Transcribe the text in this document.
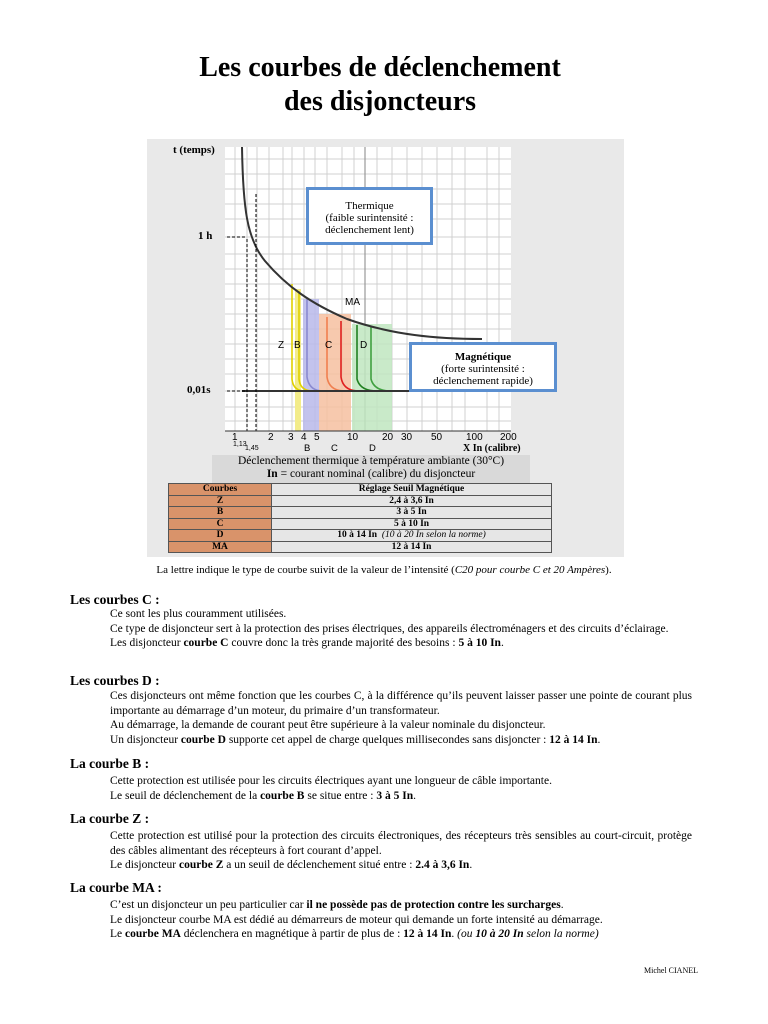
Les courbes de déclenchement
des disjoncteurs
t (temps)
1 h
0,01s
Z B C	D
MA
1	2 3 4 5	10 20 30 50 100 200
1,13
1,45	X In (calibre)
B C	D
Thermique
(faible surintensité :
déclenchement lent)
Magnétique
(forte surintensité :
déclenchement rapide)
Déclenchement thermique à température ambiante (30°C)
In = courant nominal (calibre) du disjoncteur
Courbes	Réglage Seuil Magnétique
Z	2,4 à 3,6 In
B	3 à 5 In
C	5 à 10 In
D	10 à 14 In (10 à 20 In selon la norme)
MA	12 à 14 In
La lettre indique le type de courbe suivit de la valeur de l’intensité (C20 pour courbe C et 20 Ampères).
Les courbes C :
Ce sont les plus couramment utilisées.
Ce type de disjoncteur sert à la protection des prises électriques, des appareils électroménagers et des circuits d’éclairage.
Les disjoncteur courbe C couvre donc la très grande majorité des besoins : 5 à 10 In.
Les courbes D :
Ces disjoncteurs ont même fonction que les courbes C, à la différence qu’ils peuvent laisser passer une pointe de courant plus importante au démarrage d’un moteur, du primaire d’un transformateur.
Au démarrage, la demande de courant peut être supérieure à la valeur nominale du disjoncteur.
Un disjoncteur courbe D supporte cet appel de charge quelques millisecondes sans disjoncter : 12 à 14 In.
La courbe B :
Cette protection est utilisée pour les circuits électriques ayant une longueur de câble importante.
Le seuil de déclenchement de la courbe B se situe entre : 3 à 5 In.
La courbe Z :
Cette protection est utilisé pour la protection des circuits électroniques, des récepteurs très sensibles au court-circuit, protège des câbles alimentant des récepteurs à fort courant d’appel.
Le disjoncteur courbe Z a un seuil de déclenchement situé entre : 2.4 à 3,6 In.
La courbe MA :
C’est un disjoncteur un peu particulier car il ne possède pas de protection contre les surcharges.
Le disjoncteur courbe MA est dédié au démarreurs de moteur qui demande un forte intensité au démarrage.
Le courbe MA déclenchera en magnétique à partir de plus de : 12 à 14 In. (ou 10 à 20 In selon la norme)
Michel CIANEL
